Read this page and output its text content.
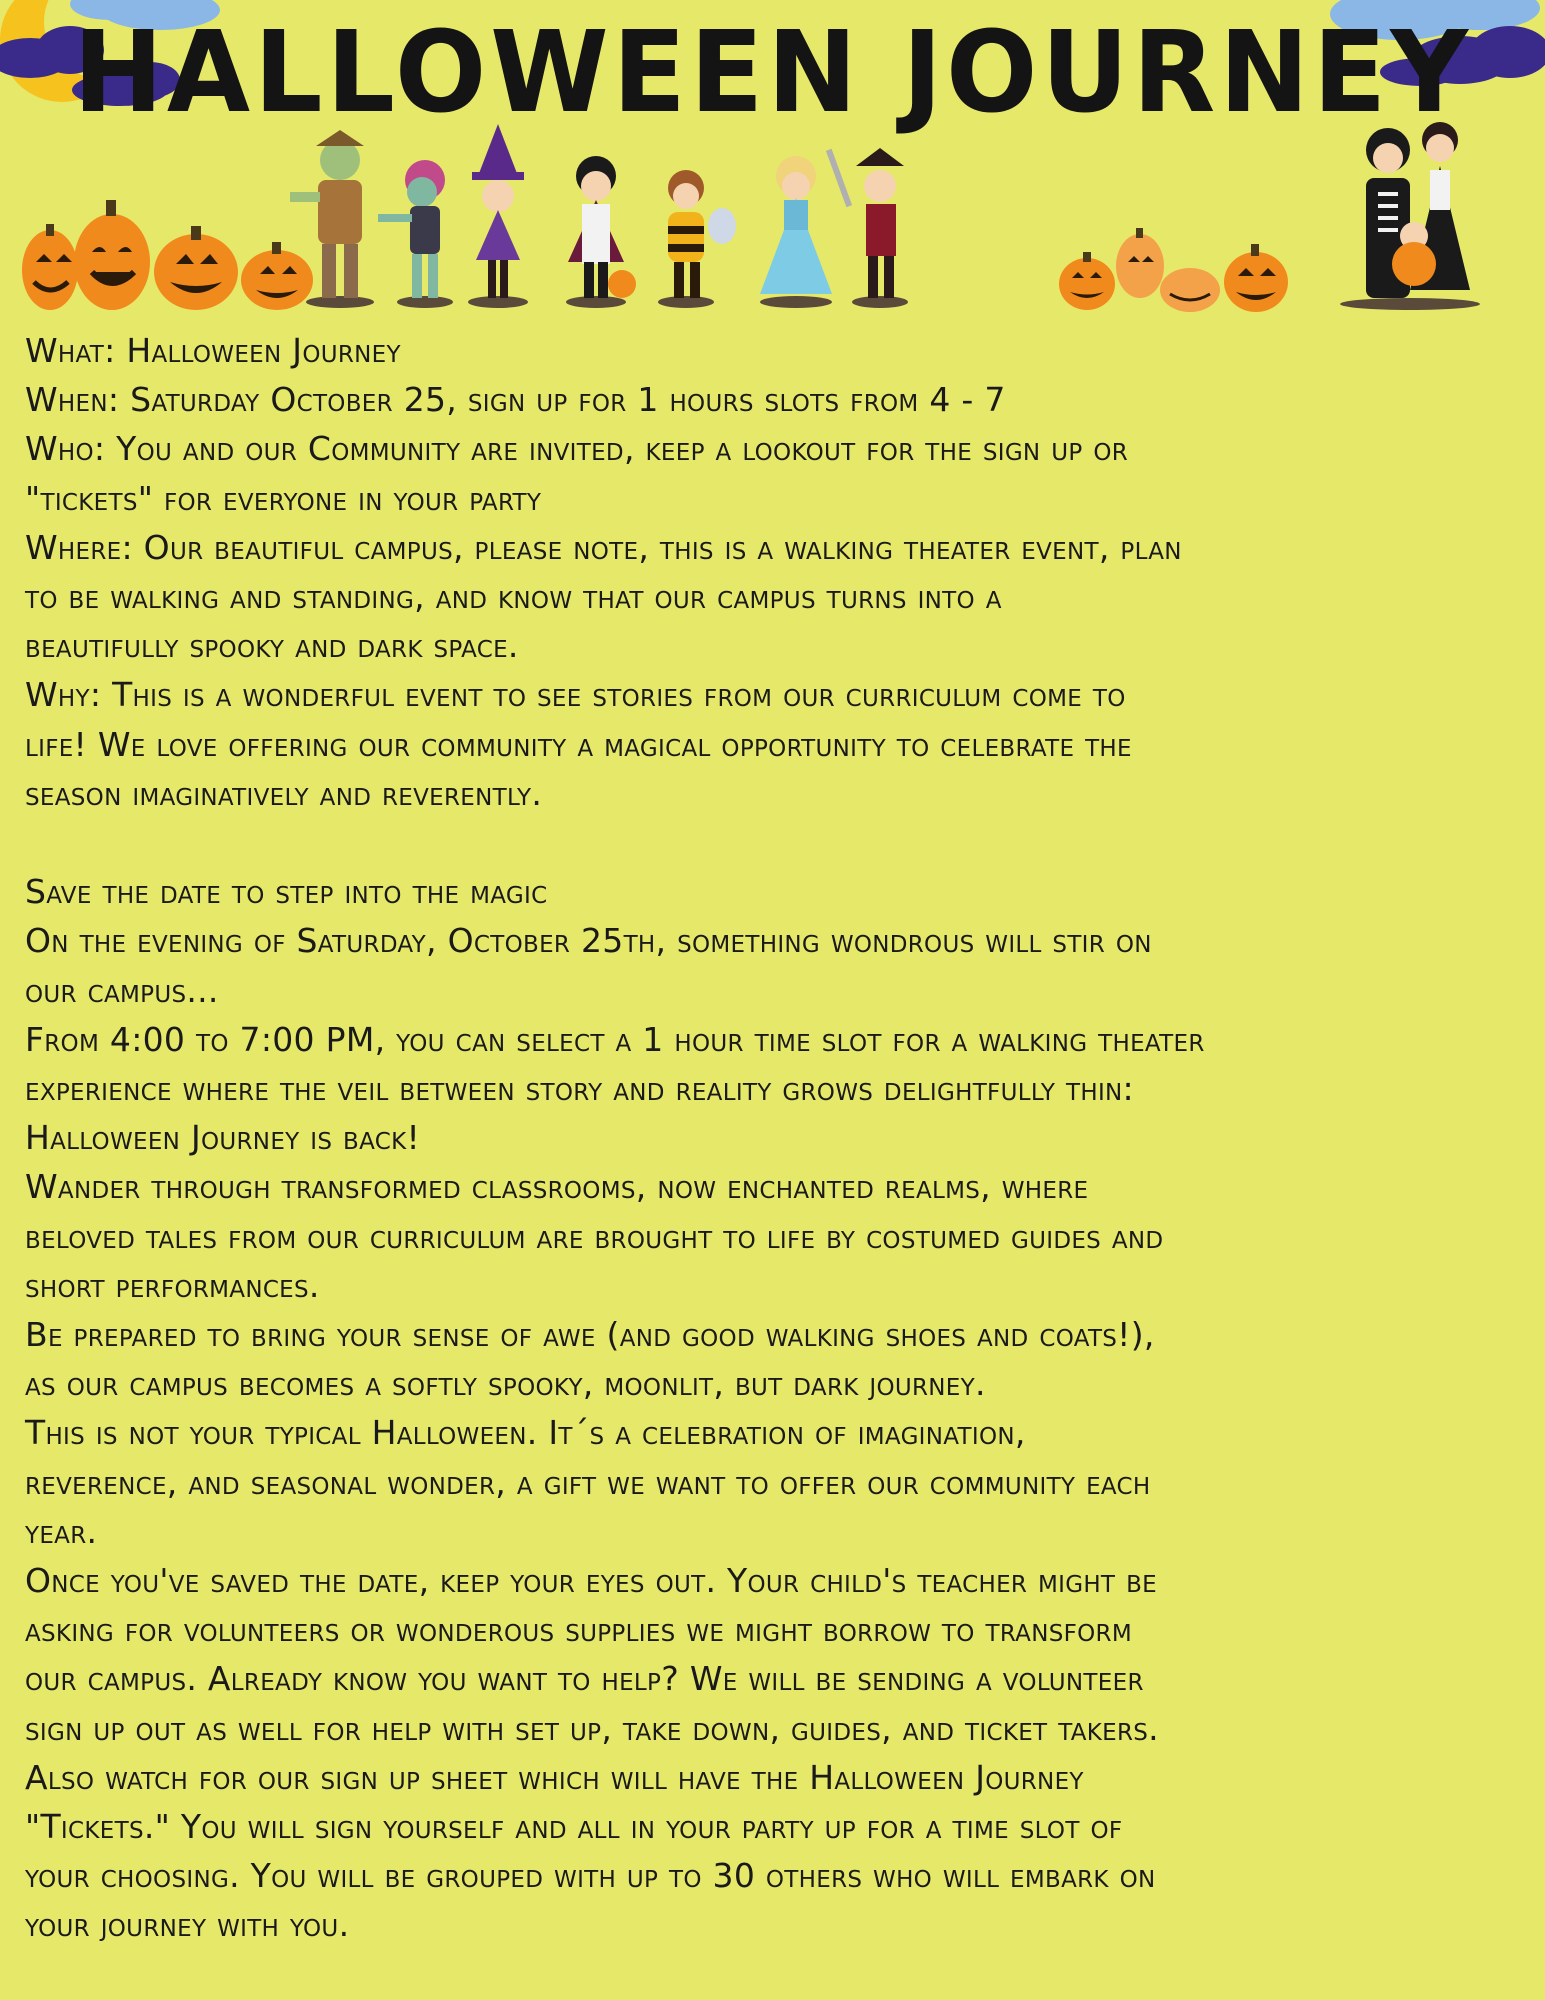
HALLOWEEN JOURNEY

What: Halloween Journey

When: Saturday October 25, sign up for 1 hours slots from 4 - 7

Who: You and our Community are invited, keep a lookout for the sign up or

"tickets" for everyone in your party

Where: Our beautiful campus, please note, this is a walking theater event, plan

to be walking and standing, and know that our campus turns into a

beautifully spooky and dark space.

Why: This is a wonderful event to see stories from our curriculum come to

life! We love offering our community a magical opportunity to celebrate the

season imaginatively and reverently.

Save the date to step into the magic

On the evening of Saturday, October 25th, something wondrous will stir on

our campus...

From 4:00 to 7:00 PM, you can select a 1 hour time slot for a walking theater

experience where the veil between story and reality grows delightfully thin:

Halloween Journey is back!

Wander through transformed classrooms, now enchanted realms, where

beloved tales from our curriculum are brought to life by costumed guides and

short performances.

Be prepared to bring your sense of awe (and good walking shoes and coats!),

as our campus becomes a softly spooky, moonlit, but dark journey.

This is not your typical Halloween. It´s a celebration of imagination,

reverence, and seasonal wonder, a gift we want to offer our community each

year.

Once you've saved the date, keep your eyes out. Your child's teacher might be

asking for volunteers or wonderous supplies we might borrow to transform

our campus. Already know you want to help? We will be sending a volunteer

sign up out as well for help with set up, take down, guides, and ticket takers.

Also watch for our sign up sheet which will have the Halloween Journey

"Tickets." You will sign yourself and all in your party up for a time slot of

your choosing. You will be grouped with up to 30 others who will embark on

your journey with you.
